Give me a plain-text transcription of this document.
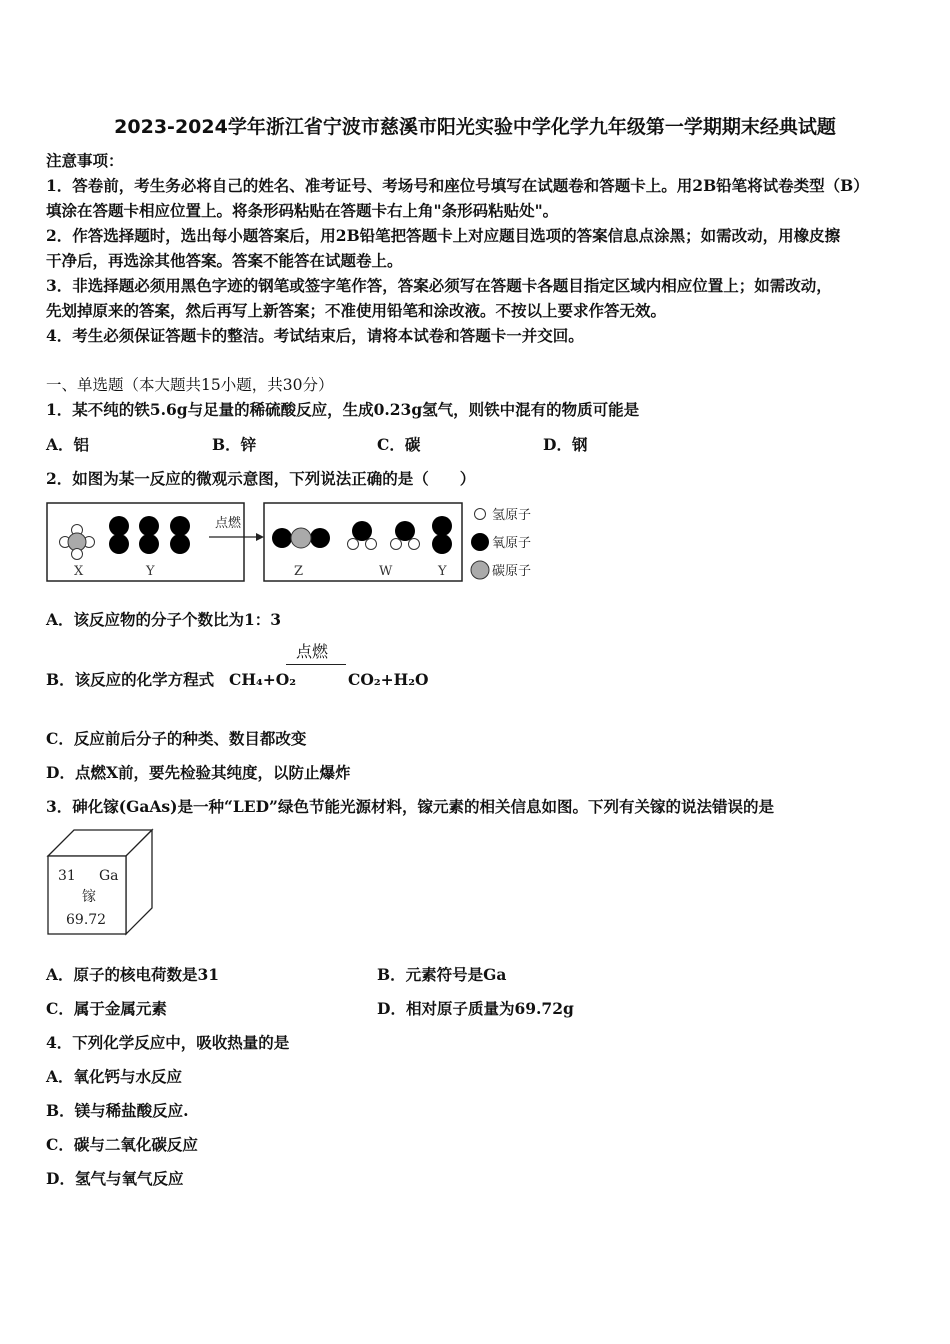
2023-2024学年浙江省宁波市慈溪市阳光实验中学化学九年级第一学期期末经典试题
注意事项：
1．答卷前，考生务必将自己的姓名、准考证号、考场号和座位号填写在试题卷和答题卡上。用2B铅笔将试卷类型（B）
填涂在答题卡相应位置上。将条形码粘贴在答题卡右上角"条形码粘贴处"。
2．作答选择题时，选出每小题答案后，用2B铅笔把答题卡上对应题目选项的答案信息点涂黑；如需改动，用橡皮擦
干净后，再选涂其他答案。答案不能答在试题卷上。
3．非选择题必须用黑色字迹的钢笔或签字笔作答，答案必须写在答题卡各题目指定区域内相应位置上；如需改动，
先划掉原来的答案，然后再写上新答案；不准使用铅笔和涂改液。不按以上要求作答无效。
4．考生必须保证答题卡的整洁。考试结束后，请将本试卷和答题卡一并交回。
一、单选题（本大题共15小题，共30分）
1．某不纯的铁5.6g与足量的稀硫酸反应，生成0.23g氢气，则铁中混有的物质可能是
A．铝	B．锌	C．碳	D．钢
2．如图为某一反应的微观示意图，下列说法正确的是（　　）
X	Y
点燃
Z	W	Y
氢原子
氧原子
碳原子
A．该反应物的分子个数比为1：3
B．该反应的化学方程式 CH₄+O₂
点燃
CO₂+H₂O
C．反应前后分子的种类、数目都改变
D．点燃X前，要先检验其纯度，以防止爆炸
3．砷化镓(GaAs)是一种“LED”绿色节能光源材料，镓元素的相关信息如图。下列有关镓的说法错误的是
31 Ga
镓
69.72
A．原子的核电荷数是31	B．元素符号是Ga
C．属于金属元素	D．相对原子质量为69.72g
4．下列化学反应中，吸收热量的是
A．氧化钙与水反应
B．镁与稀盐酸反应.
C．碳与二氧化碳反应
D．氢气与氧气反应
